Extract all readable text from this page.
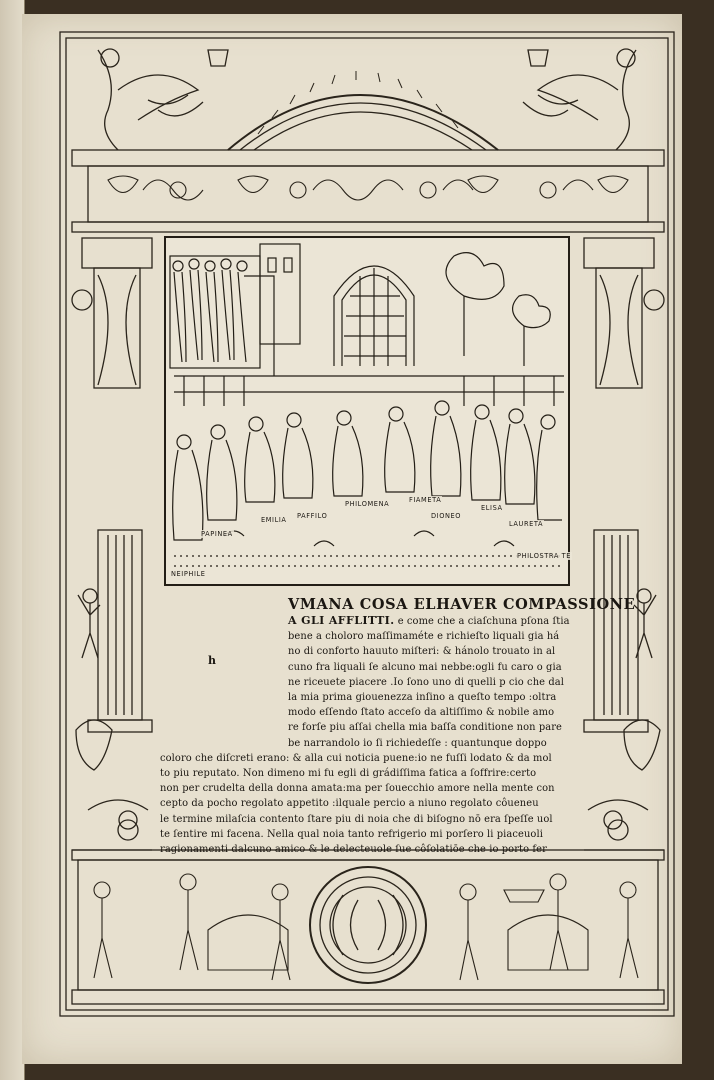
PAPINEA
EMILIA PAFFILO
PHILOMENA	FIAMETA
DIONEO
ELISA
LAURETA
PHILOSTRA TE
NEIPHILE
h
VMANA COSA ELHAVER COMPASSIONE
A GLI AFFLITTI. e come che a ciaſchuna pſona ſtia
bene a choloro maſſimaméte e richieſto liquali gia há
no di conforto hauuto miſteri: & hánolo trouato in al
cuno fra liquali ſe alcuno mai nebbe:ogli fu caro o gia
ne riceuete piacere .Io ſono uno di quelli p cio che dal
la mia prima giouenezza inſino a queſto tempo :oltra
modo eſſendo ſtato acceſo da altiſſimo & nobile amo
re forſe piu aſſai chella mia baſſa conditione non pare
be narrandolo io ſi richiedeſſe : quantunque doppo
coloro che diſcreti erano: & alla cui noticia puene:io ne fuſſi lodato & da mol
to piu reputato. Non dimeno mi fu egli di grádiſſima fatica a ſoffrire:certo
non per crudelta della donna amata:ma per ſouecchio amore nella mente con
cepto da pocho regolato appetito :ilquale percio a niuno regolato côueneu
le termine milaſcia contento ſtare piu di noia che di biſogno nō era ſpeſſe uol
te ſentire mi facena. Nella qual noia tanto refrigerio mi porſero li piaceuoli
ragionamenti dalcuno amico & le delecteuole ſue côſolatiōe che io porto fer
